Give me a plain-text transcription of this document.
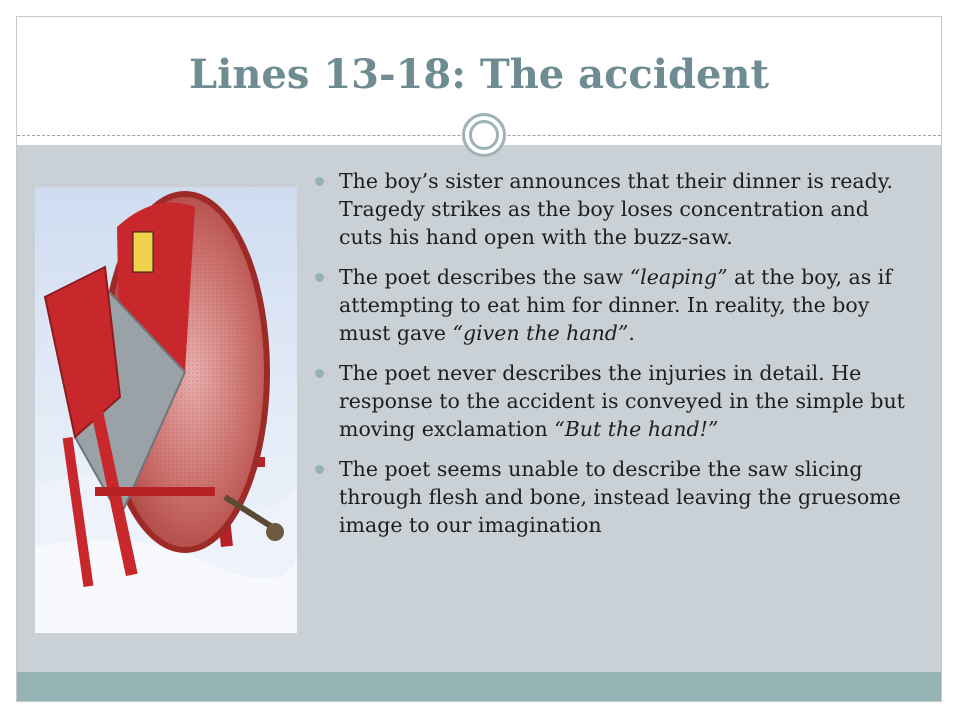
Lines 13-18: The accident
The boy’s sister announces that their dinner is ready. Tragedy strikes as the boy loses concentration and cuts his hand open with the buzz-saw.
The poet describes the saw “leaping” at the boy, as if attempting to eat him for dinner. In reality, the boy must gave “given the hand”.
The poet never describes the injuries in detail. He response to the accident is conveyed in the simple but moving exclamation “But the hand!”
The poet seems unable to describe the saw slicing through flesh and bone, instead leaving the gruesome image to our imagination
